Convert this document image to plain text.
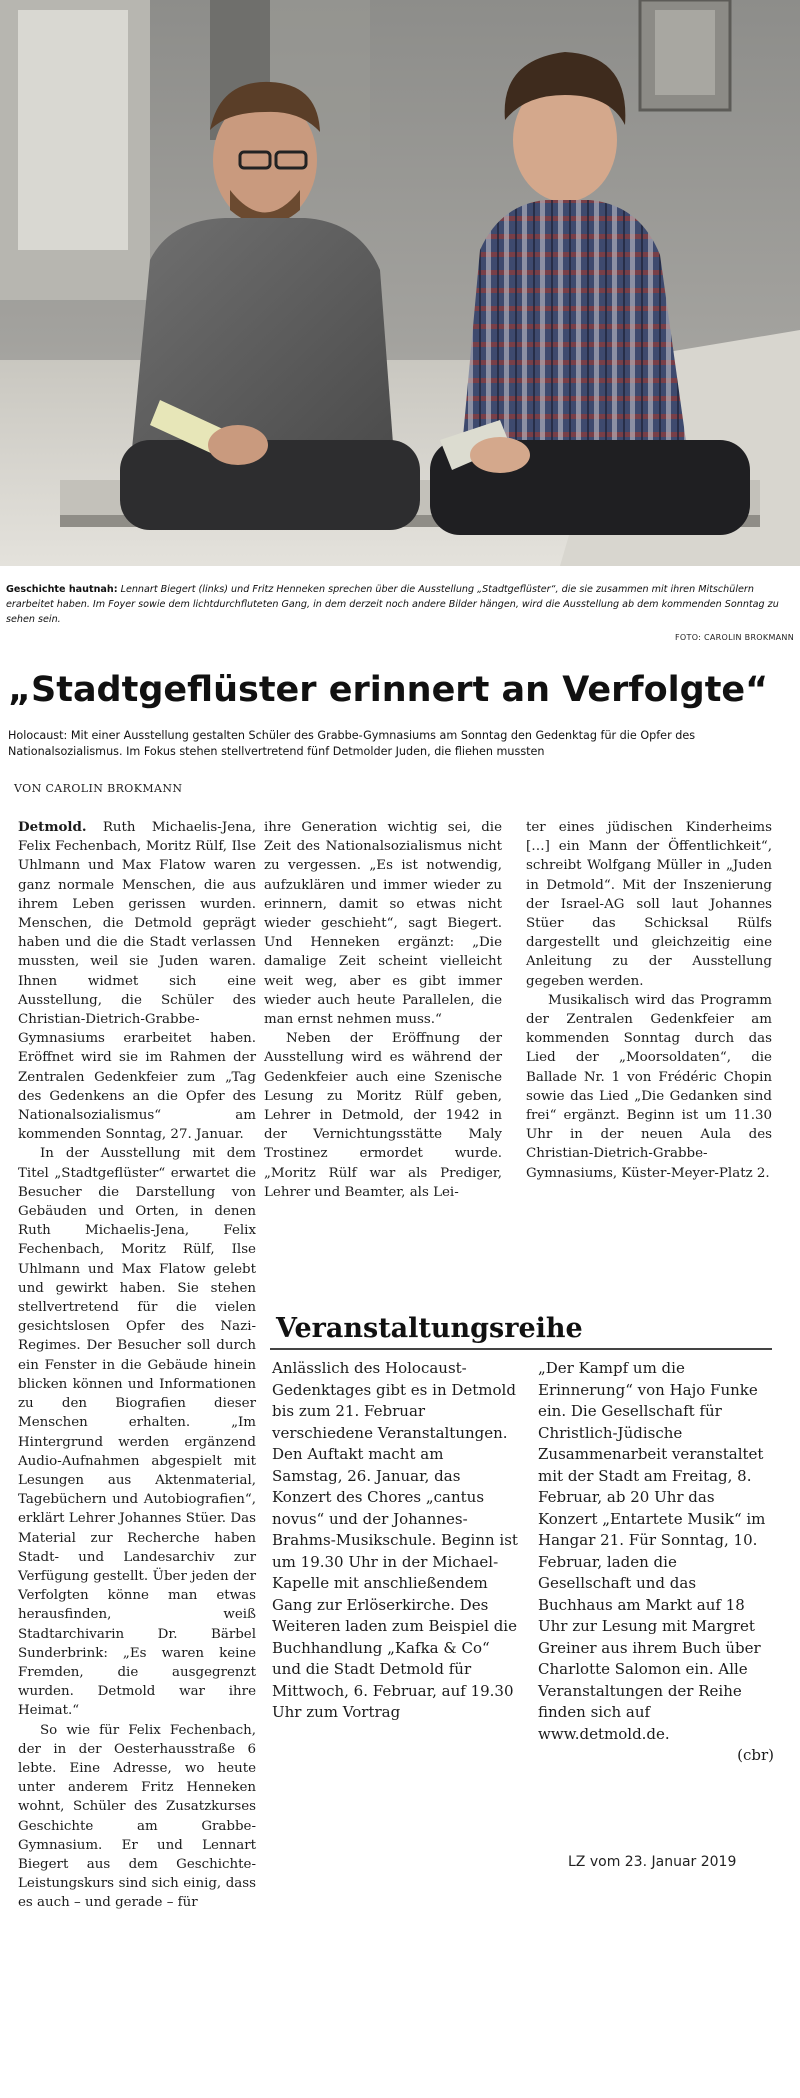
Geschichte hautnah: Lennart Biegert (links) und Fritz Henneken sprechen über die Ausstellung „Stadtgeflüster“, die sie zusammen mit ihren Mitschülern erarbeitet haben. Im Foyer sowie dem lichtdurchfluteten Gang, in dem derzeit noch andere Bilder hängen, wird die Ausstellung ab dem kommenden Sonntag zu sehen sein.
FOTO: CAROLIN BROKMANN
„Stadtgeflüster erinnert an Verfolgte“
Holocaust: Mit einer Ausstellung gestalten Schüler des Grabbe-Gymnasiums am Sonntag den Gedenktag für die Opfer des Nationalsozialismus. Im Fokus stehen stellvertretend fünf Detmolder Juden, die fliehen mussten
VON CAROLIN BROKMANN

Detmold. Ruth Michaelis-Jena, Felix Fechenbach, Moritz Rülf, Ilse Uhlmann und Max Flatow waren ganz normale Menschen, die aus ihrem Leben gerissen wurden. Menschen, die Detmold geprägt haben und die die Stadt verlassen mussten, weil sie Juden waren. Ihnen widmet sich eine Ausstellung, die Schüler des Christian-Dietrich-Grabbe-Gymnasiums erarbeitet haben. Eröffnet wird sie im Rahmen der Zentralen Gedenkfeier zum „Tag des Gedenkens an die Opfer des Nationalsozialismus“ am kommenden Sonntag, 27. Januar.

In der Ausstellung mit dem Titel „Stadtgeflüster“ erwartet die Besucher die Darstellung von Gebäuden und Orten, in denen Ruth Michaelis-Jena, Felix Fechenbach, Moritz Rülf, Ilse Uhlmann und Max Flatow gelebt und gewirkt haben. Sie stehen stellvertretend für die vielen gesichtslosen Opfer des Nazi-Regimes. Der Besucher soll durch ein Fenster in die Gebäude hinein blicken können und Informationen zu den Biografien dieser Menschen erhalten. „Im Hintergrund werden ergänzend Audio-Aufnahmen abgespielt mit Lesungen aus Aktenmaterial, Tagebüchern und Autobiografien“, erklärt Lehrer Johannes Stüer. Das Material zur Recherche haben Stadt- und Landesarchiv zur Verfügung gestellt. Über jeden der Verfolgten könne man etwas herausfinden, weiß Stadtarchivarin Dr. Bärbel Sunderbrink: „Es waren keine Fremden, die ausgegrenzt wurden. Detmold war ihre Heimat.“

So wie für Felix Fechenbach, der in der Oesterhausstraße 6 lebte. Eine Adresse, wo heute unter anderem Fritz Henneken wohnt, Schüler des Zusatzkurses Geschichte am Grabbe-Gymnasium. Er und Lennart Biegert aus dem Geschichte-Leistungskurs sind sich einig, dass es auch – und gerade – für

ihre Generation wichtig sei, die Zeit des Nationalsozialismus nicht zu vergessen. „Es ist notwendig, aufzuklären und immer wieder zu erinnern, damit so etwas nicht wieder geschieht“, sagt Biegert. Und Henneken ergänzt: „Die damalige Zeit scheint vielleicht weit weg, aber es gibt immer wieder auch heute Parallelen, die man ernst nehmen muss.“

Neben der Eröffnung der Ausstellung wird es während der Gedenkfeier auch eine Szenische Lesung zu Moritz Rülf geben, Lehrer in Detmold, der 1942 in der Vernichtungsstätte Maly Trostinez ermordet wurde. „Moritz Rülf war als Prediger, Lehrer und Beamter, als Lei-

ter eines jüdischen Kinderheims […] ein Mann der Öffentlichkeit“, schreibt Wolfgang Müller in „Juden in Detmold“. Mit der Inszenierung der Israel-AG soll laut Johannes Stüer das Schicksal Rülfs dargestellt und gleichzeitig eine Anleitung zu der Ausstellung gegeben werden.

Musikalisch wird das Programm der Zentralen Gedenkfeier am kommenden Sonntag durch das Lied der „Moorsoldaten“, die Ballade Nr. 1 von Frédéric Chopin sowie das Lied „Die Gedanken sind frei“ ergänzt. Beginn ist um 11.30 Uhr in der neuen Aula des Christian-Dietrich-Grabbe-Gymnasiums, Küster-Meyer-Platz 2.

Veranstaltungsreihe
Anlässlich des Holocaust-Gedenktages gibt es in Detmold bis zum 21. Februar verschiedene Veranstaltungen. Den Auftakt macht am Samstag, 26. Januar, das Konzert des Chores „cantus novus“ und der Johannes-Brahms-Musikschule. Beginn ist um 19.30 Uhr in der Michael-Kapelle mit anschließendem Gang zur Erlöserkirche. Des Weiteren laden zum Beispiel die Buchhandlung „Kafka & Co“ und die Stadt Detmold für Mittwoch, 6. Februar, auf 19.30 Uhr zum Vortrag
„Der Kampf um die Erinnerung“ von Hajo Funke ein. Die Gesellschaft für Christlich-Jüdische Zusammenarbeit veranstaltet mit der Stadt am Freitag, 8. Februar, ab 20 Uhr das Konzert „Entartete Musik“ im Hangar 21. Für Sonntag, 10. Februar, laden die Gesellschaft und das Buchhaus am Markt auf 18 Uhr zur Lesung mit Margret Greiner aus ihrem Buch über Charlotte Salomon ein. Alle Veranstaltungen der Reihe finden sich auf www.detmold.de.
(cbr)
LZ vom 23. Januar 2019
